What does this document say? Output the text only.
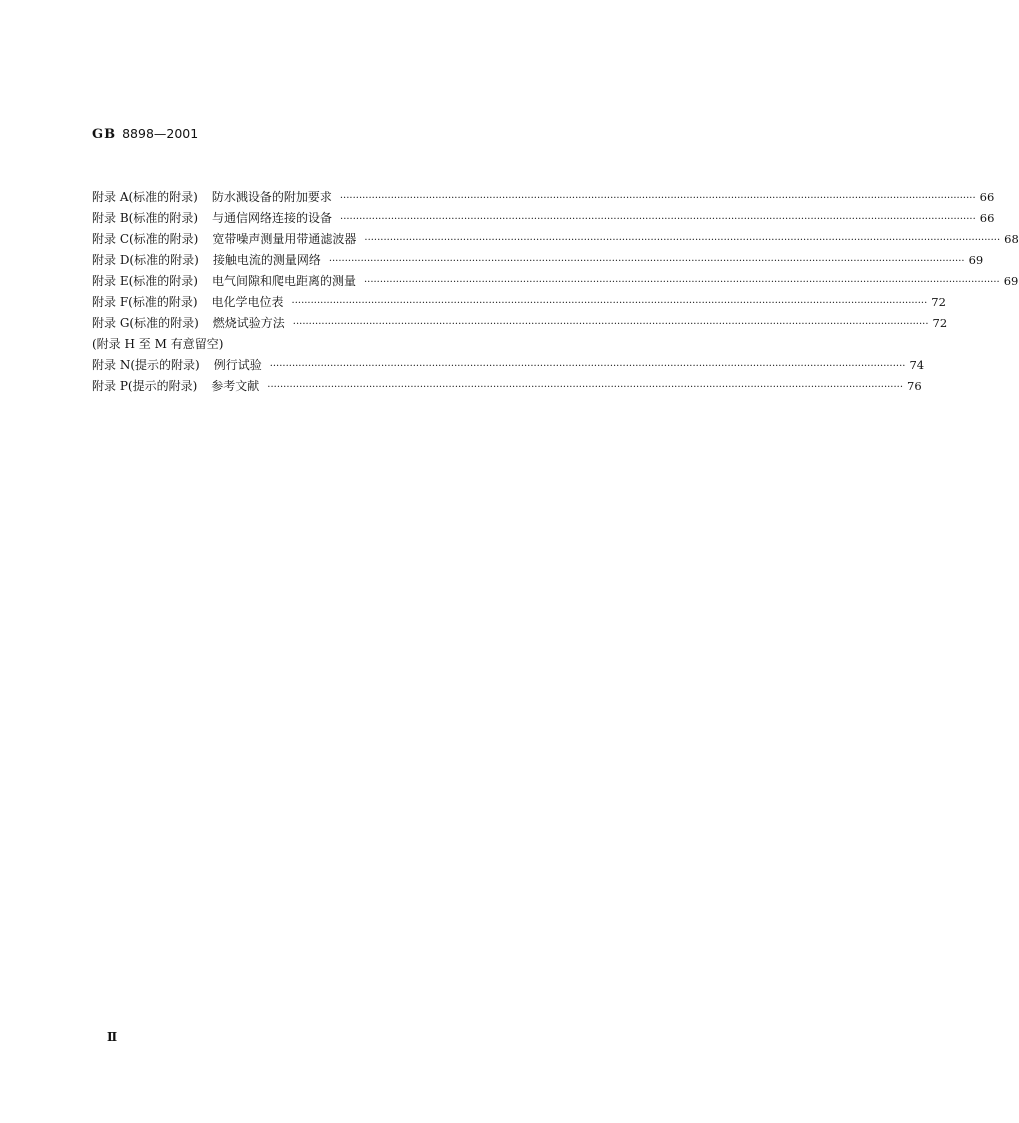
GB 8898—2001
附录 A(标准的附录) 防水溅设备的附加要求 ········································································································································································································ 66
附录 B(标准的附录) 与通信网络连接的设备 ········································································································································································································ 66
附录 C(标准的附录) 宽带噪声测量用带通滤波器 ········································································································································································································ 68
附录 D(标准的附录) 接触电流的测量网络 ········································································································································································································ 69
附录 E(标准的附录) 电气间隙和爬电距离的测量 ········································································································································································································ 69
附录 F(标准的附录) 电化学电位表 ········································································································································································································ 72
附录 G(标准的附录) 燃烧试验方法 ········································································································································································································ 72
(附录 H 至 M 有意留空)
附录 N(提示的附录) 例行试验 ········································································································································································································ 74
附录 P(提示的附录) 参考文献 ········································································································································································································ 76
Ⅱ
